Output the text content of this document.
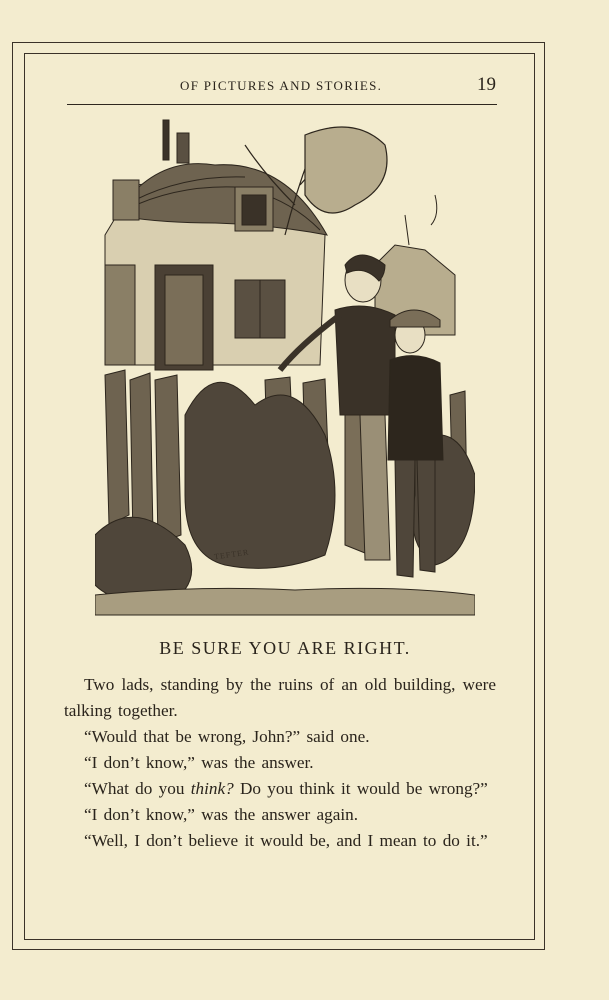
OF PICTURES AND STORIES.	19
TEFTER
BE SURE YOU ARE RIGHT.

Two lads, standing by the ruins of an old building, were talking together.

“Would that be wrong, John?” said one.

“I don’t know,” was the answer.

“What do you think? Do you think it would be wrong?”

“I don’t know,” was the answer again.

“Well, I don’t believe it would be, and I mean to do it.”
